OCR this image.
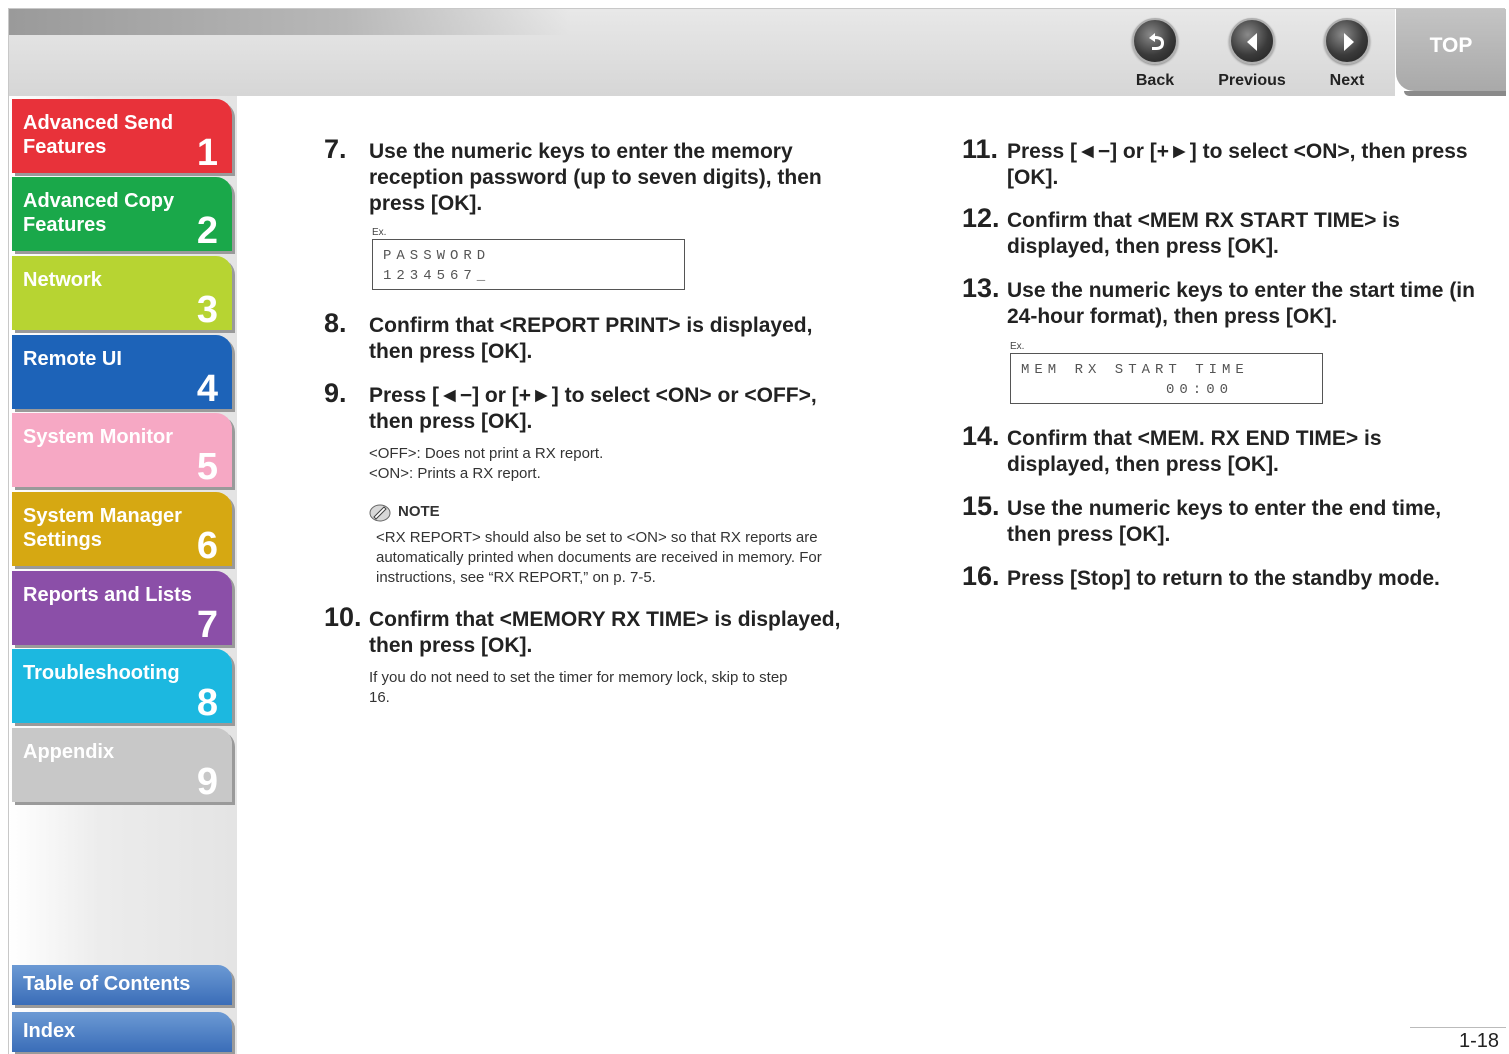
Back	Previous	Next
TOP
Advanced Send
Features	1
Advanced Copy
Features	2
Network
3
Remote UI
4
System Monitor
5
System Manager
Settings	6
Reports and Lists
7
Troubleshooting
8
Appendix
9
Table of Contents
Index
7. Use the numeric keys to enter the memory reception password (up to seven digits), then press [OK].
Ex.
PASSWORD
1234567_
8. Confirm that <REPORT PRINT> is displayed, then press [OK].
9. Press [◄−] or [+►] to select <ON> or <OFF>, then press [OK].
<OFF>: Does not print a RX report.
<ON>: Prints a RX report.
NOTE
<RX REPORT> should also be set to <ON> so that RX reports are automatically printed when documents are received in memory. For instructions, see “RX REPORT,” on p. 7-5.
10. Confirm that <MEMORY RX TIME> is displayed, then press [OK].
If you do not need to set the timer for memory lock, skip to step 16.
11. Press [◄−] or [+►] to select <ON>, then press [OK].
12. Confirm that <MEM RX START TIME> is displayed, then press [OK].
13. Use the numeric keys to enter the start time (in 24-hour format), then press [OK].
Ex.
MEM RX START TIME
00:00
14. Confirm that <MEM. RX END TIME> is displayed, then press [OK].
15. Use the numeric keys to enter the end time, then press [OK].
16. Press [Stop] to return to the standby mode.
1-18
